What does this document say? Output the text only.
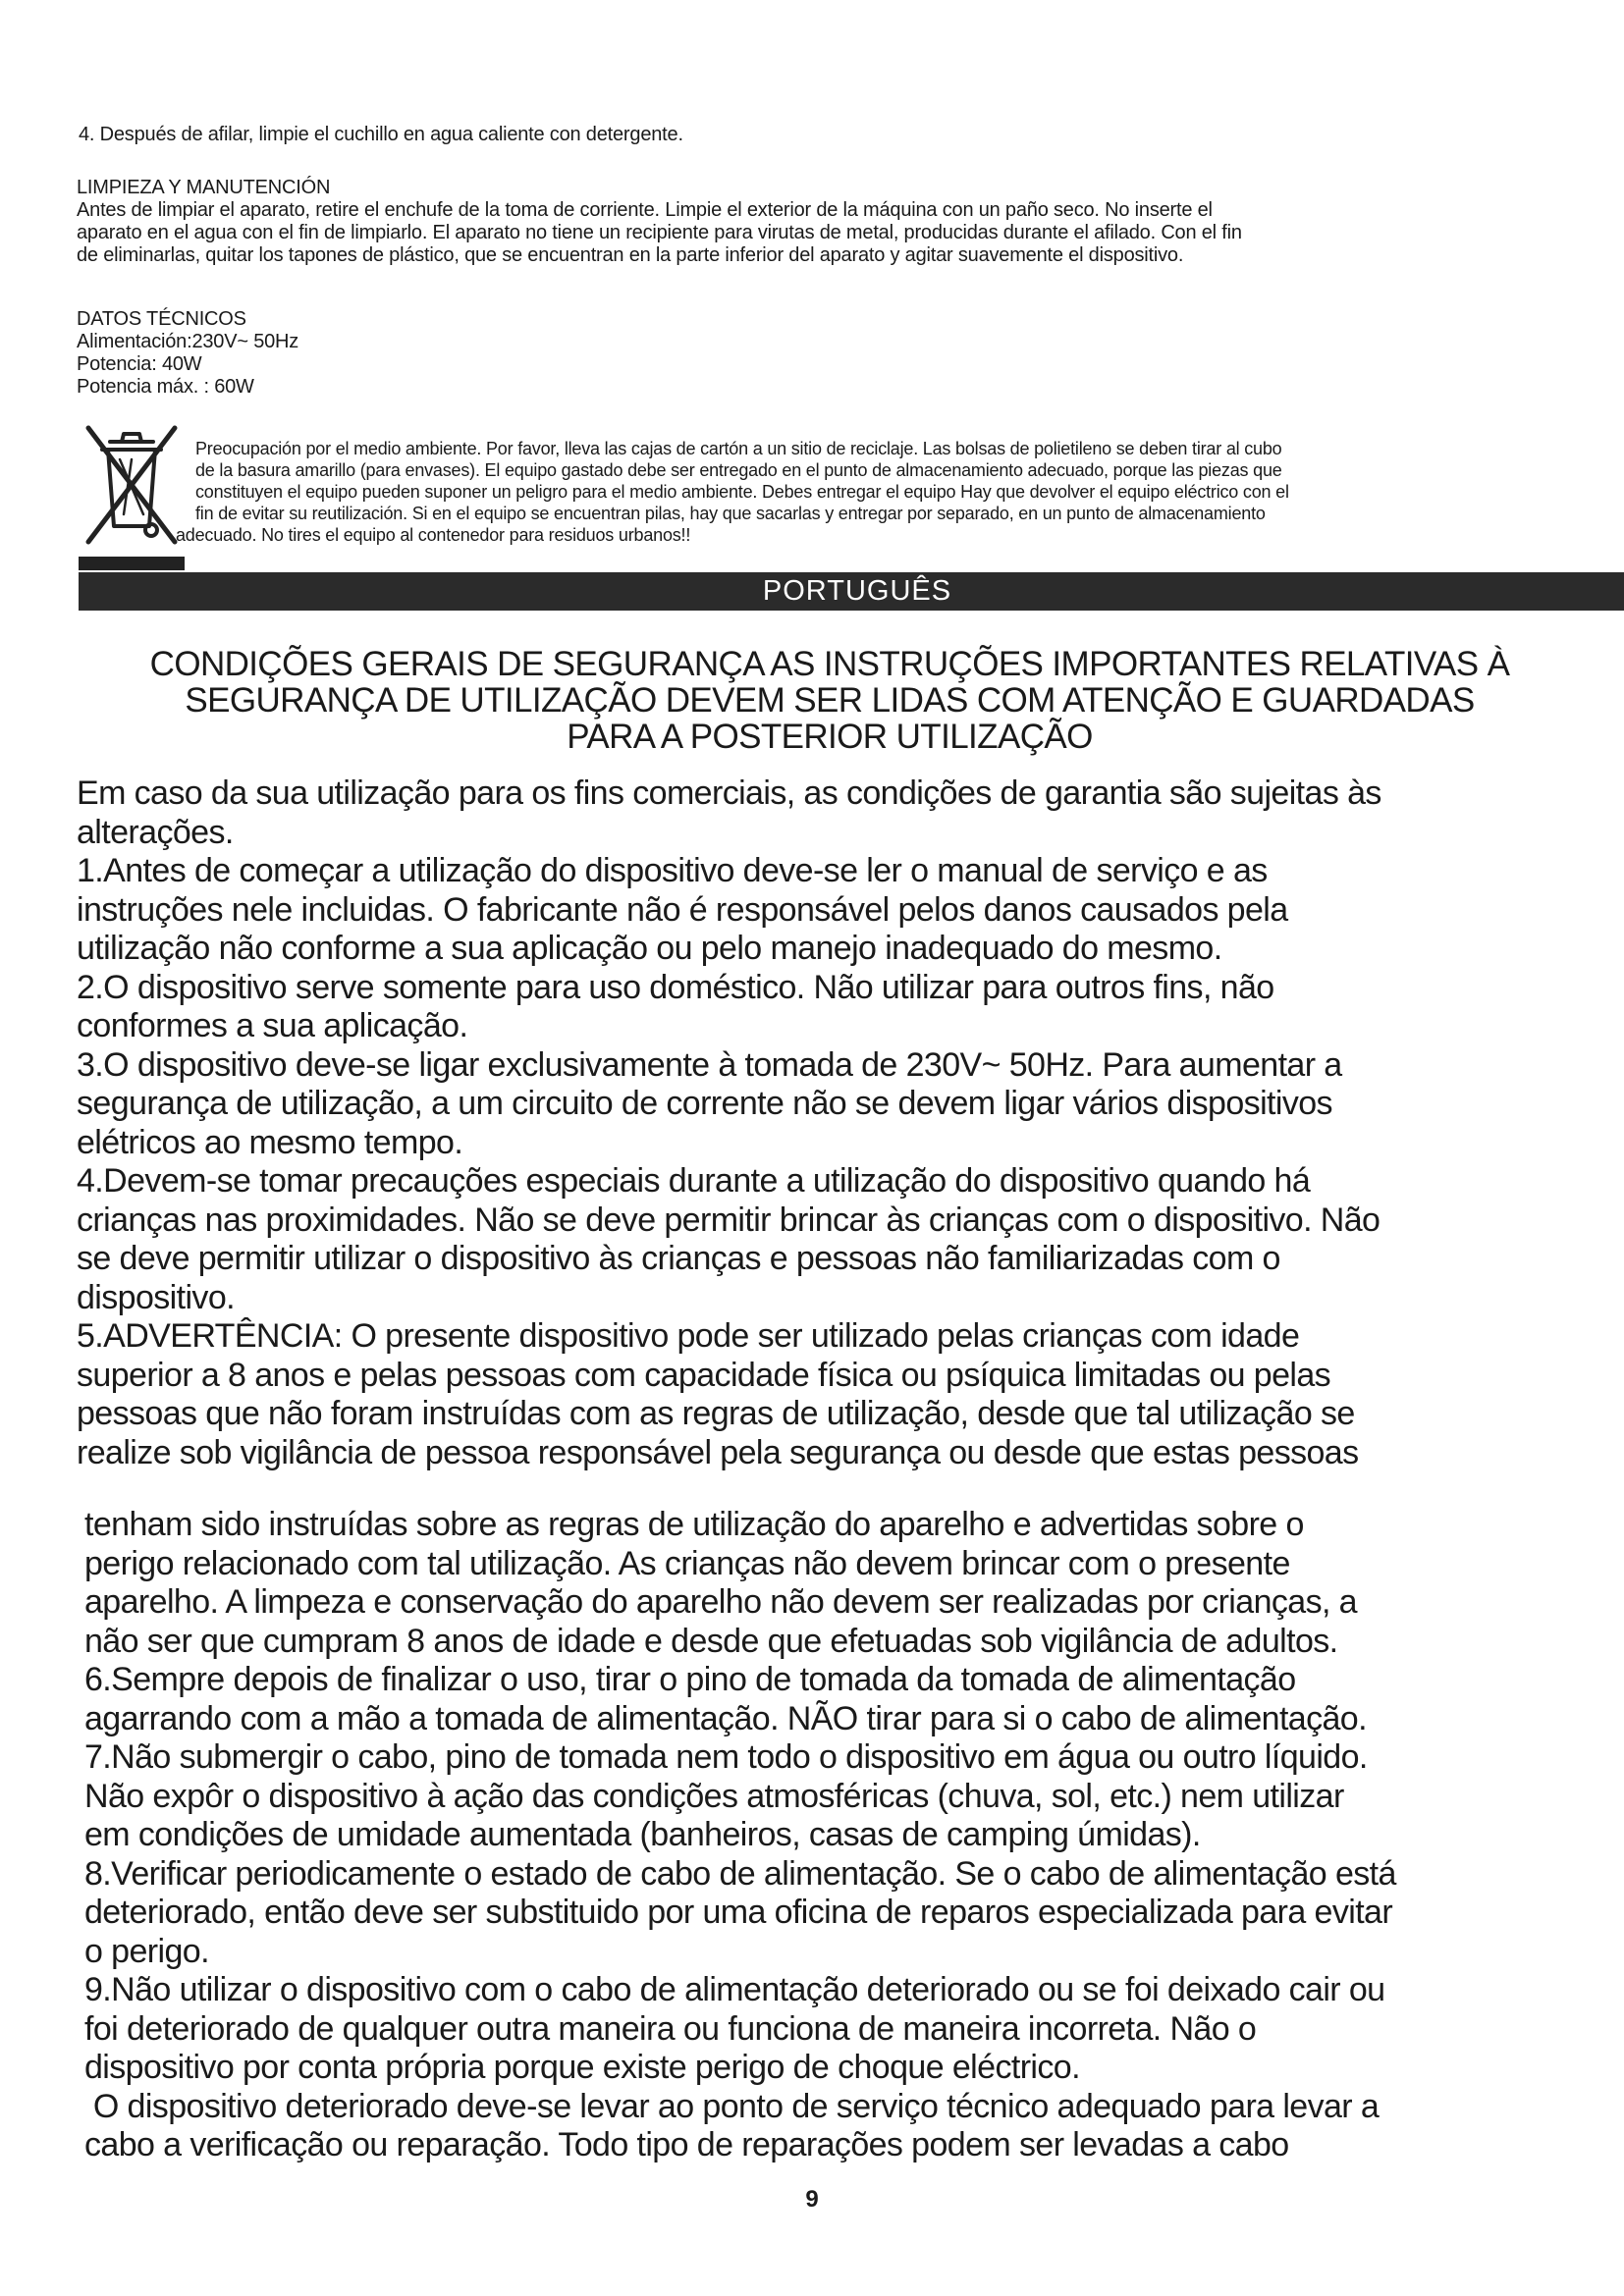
4. Después de afilar, limpie el cuchillo en agua caliente con detergente.
LIMPIEZA Y MANUTENCIÓN
Antes de limpiar el aparato, retire el enchufe de la toma de corriente. Limpie el exterior de la máquina con un paño seco. No inserte el
aparato en el agua con el fin de limpiarlo. El aparato no tiene un recipiente para virutas de metal, producidas durante el afilado. Con el fin
de eliminarlas, quitar los tapones de plástico, que se encuentran en la parte inferior del aparato y agitar suavemente el dispositivo.
DATOS TÉCNICOS
Alimentación:230V~ 50Hz
Potencia: 40W
Potencia máx. : 60W
Preocupación por el medio ambiente. Por favor, lleva las cajas de cartón a un sitio de reciclaje. Las bolsas de polietileno se deben tirar al cubo
de la basura amarillo (para envases). El equipo gastado debe ser entregado en el punto de almacenamiento adecuado, porque las piezas que
constituyen el equipo pueden suponer un peligro para el medio ambiente. Debes entregar el equipo Hay que devolver el equipo eléctrico con el
fin de evitar su reutilización. Si en el equipo se encuentran pilas, hay que sacarlas y entregar por separado, en un punto de almacenamiento
adecuado. No tires el equipo al contenedor para residuos urbanos!!
PORTUGUÊS
CONDIÇÕES GERAIS DE SEGURANÇA AS INSTRUÇÕES IMPORTANTES RELATIVAS À
SEGURANÇA DE UTILIZAÇÃO DEVEM SER LIDAS COM ATENÇÃO E GUARDADAS
PARA A POSTERIOR UTILIZAÇÃO
Em caso da sua utilização para os fins comerciais, as condições de garantia são sujeitas às
alterações.
1.Antes de começar a utilização do dispositivo deve-se ler o manual de serviço e as
instruções nele incluidas. O fabricante não é responsável pelos danos causados pela
utilização não conforme a sua aplicação ou pelo manejo inadequado do mesmo.
2.O dispositivo serve somente para uso doméstico. Não utilizar para outros fins, não
conformes a sua aplicação.
3.O dispositivo deve-se ligar exclusivamente à tomada de 230V~ 50Hz. Para aumentar a
segurança de utilização, a um circuito de corrente não se devem ligar vários dispositivos
elétricos ao mesmo tempo.
4.Devem-se tomar precauções especiais durante a utilização do dispositivo quando há
crianças nas proximidades. Não se deve permitir brincar às crianças com o dispositivo. Não
se deve permitir utilizar o dispositivo às crianças e pessoas não familiarizadas com o
dispositivo.
5.ADVERTÊNCIA: O presente dispositivo pode ser utilizado pelas crianças com idade
superior a 8 anos e pelas pessoas com capacidade física ou psíquica limitadas ou pelas
pessoas que não foram instruídas com as regras de utilização, desde que tal utilização se
realize sob vigilância de pessoa responsável pela segurança ou desde que estas pessoas
tenham sido instruídas sobre as regras de utilização do aparelho e advertidas sobre o
perigo relacionado com tal utilização. As crianças não devem brincar com o presente
aparelho. A limpeza e conservação do aparelho não devem ser realizadas por crianças, a
não ser que cumpram 8 anos de idade e desde que efetuadas sob vigilância de adultos.
6.Sempre depois de finalizar o uso, tirar o pino de tomada da tomada de alimentação
agarrando com a mão a tomada de alimentação. NÃO tirar para si o cabo de alimentação.
7.Não submergir o cabo, pino de tomada nem todo o dispositivo em água ou outro líquido.
Não expôr o dispositivo à ação das condições atmosféricas (chuva, sol, etc.) nem utilizar
em condições de umidade aumentada (banheiros, casas de camping úmidas).
8.Verificar periodicamente o estado de cabo de alimentação. Se o cabo de alimentação está
deteriorado, então deve ser substituido por uma oficina de reparos especializada para evitar
o perigo.
9.Não utilizar o dispositivo com o cabo de alimentação deteriorado ou se foi deixado cair ou
foi deteriorado de qualquer outra maneira ou funciona de maneira incorreta. Não o
dispositivo por conta própria porque existe perigo de choque eléctrico.
O dispositivo deteriorado deve-se levar ao ponto de serviço técnico adequado para levar a
cabo a verificação ou reparação. Todo tipo de reparações podem ser levadas a cabo
9
